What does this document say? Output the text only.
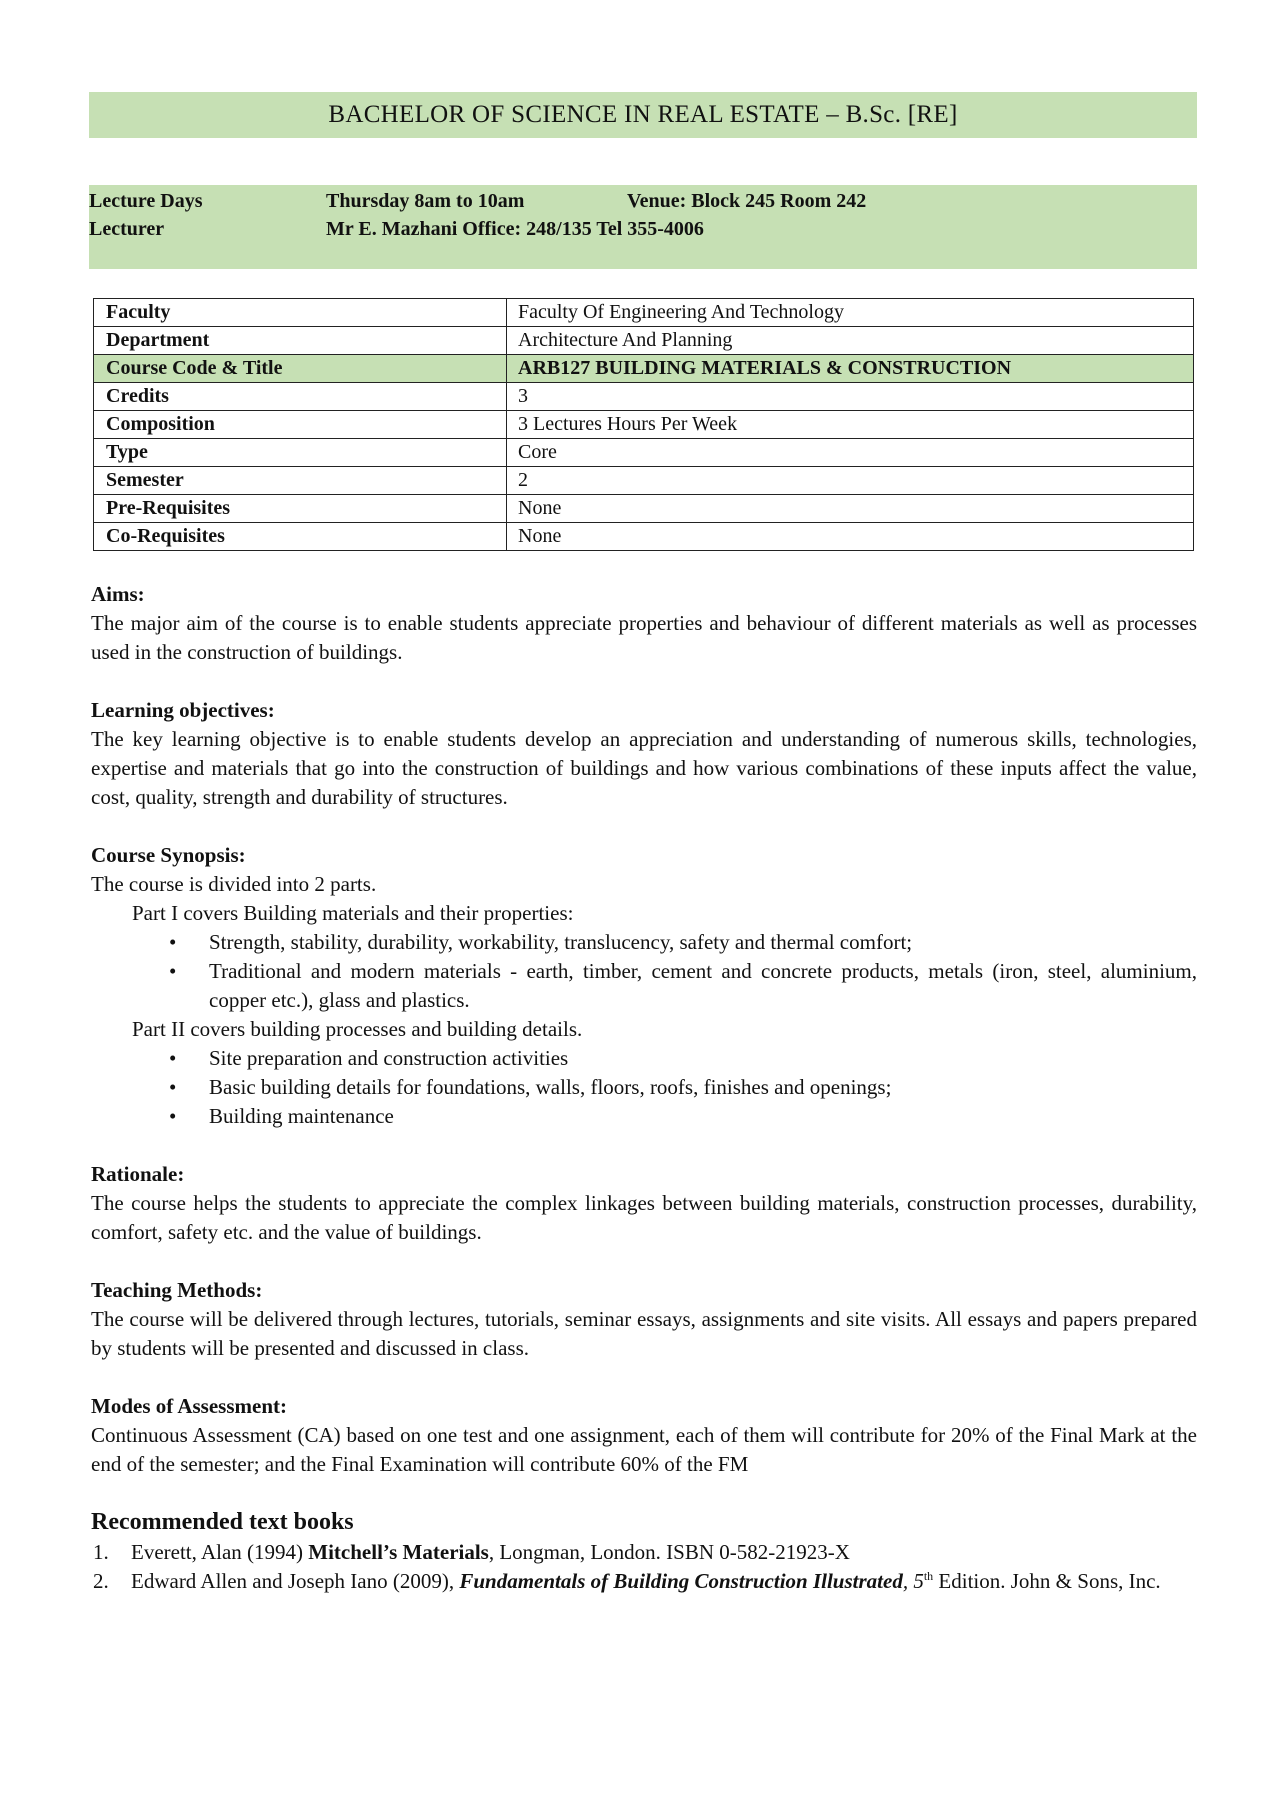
BACHELOR OF SCIENCE IN REAL ESTATE – B.Sc. [RE]
Lecture Days	Thursday 8am to 10am	Venue: Block 245 Room 242
Lecturer	Mr E. Mazhani Office: 248/135 Tel 355-4006
Faculty	Faculty Of Engineering And Technology
Department	Architecture And Planning
Course Code & Title	ARB127 BUILDING MATERIALS & CONSTRUCTION
Credits	3
Composition	3 Lectures Hours Per Week
Type	Core
Semester	2
Pre-Requisites	None
Co-Requisites	None
Aims:

The major aim of the course is to enable students appreciate properties and behaviour of different materials as well as processes used in the construction of buildings.

Learning objectives:

The key learning objective is to enable students develop an appreciation and understanding of numerous skills, technologies, expertise and materials that go into the construction of buildings and how various combinations of these inputs affect the value, cost, quality, strength and durability of structures.

Course Synopsis:

The course is divided into 2 parts.

Part I covers Building materials and their properties:

• Strength, stability, durability, workability, translucency, safety and thermal comfort;
• Traditional and modern materials - earth, timber, cement and concrete products, metals (iron, steel, aluminium, copper etc.), glass and plastics.

Part II covers building processes and building details.

• Site preparation and construction activities
• Basic building details for foundations, walls, floors, roofs, finishes and openings;
• Building maintenance
Rationale:

The course helps the students to appreciate the complex linkages between building materials, construction processes, durability, comfort, safety etc. and the value of buildings.

Teaching Methods:

The course will be delivered through lectures, tutorials, seminar essays, assignments and site visits. All essays and papers prepared by students will be presented and discussed in class.

Modes of Assessment:

Continuous Assessment (CA) based on one test and one assignment, each of them will contribute for 20% of the Final Mark at the end of the semester; and the Final Examination will contribute 60% of the FM

Recommended text books
1. Everett, Alan (1994) Mitchell’s Materials, Longman, London. ISBN 0-582-21923-X
2. Edward Allen and Joseph Iano (2009), Fundamentals of Building Construction Illustrated, 5th Edition. John & Sons, Inc.
